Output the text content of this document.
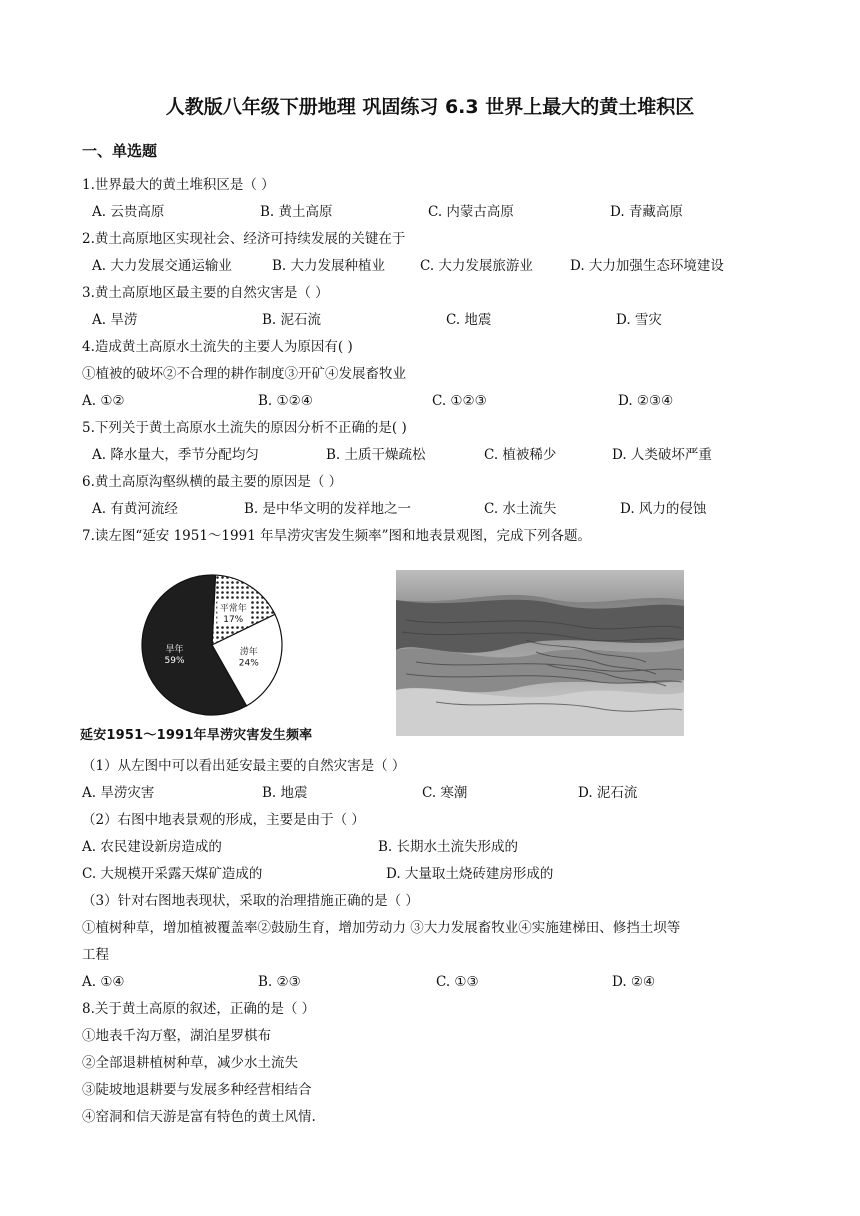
人教版八年级下册地理 巩固练习 6.3 世界上最大的黄土堆积区
一、单选题
1.世界最大的黄土堆积区是（ ）
A. 云贵高原	B. 黄土高原	C. 内蒙古高原	D. 青藏高原
2.黄土高原地区实现社会、经济可持续发展的关键在于
A. 大力发展交通运输业	B. 大力发展种植业	C. 大力发展旅游业	D. 大力加强生态环境建设
3.黄土高原地区最主要的自然灾害是（ ）
A. 旱涝	B. 泥石流	C. 地震	D. 雪灾
4.造成黄土高原水土流失的主要人为原因有( )
①植被的破坏②不合理的耕作制度③开矿④发展畜牧业
A. ①②	B. ①②④	C. ①②③	D. ②③④
5.下列关于黄土高原水土流失的原因分析不正确的是( )
A. 降水量大，季节分配均匀	B. 土质干燥疏松	C. 植被稀少	D. 人类破坏严重
6.黄土高原沟壑纵横的最主要的原因是（ ）
A. 有黄河流经	B. 是中华文明的发祥地之一	C. 水土流失	D. 风力的侵蚀
7.读左图“延安 1951～1991 年旱涝灾害发生频率”图和地表景观图，完成下列各题。
平常年
17%
涝年
24%
旱年
59%
延安1951～1991年旱涝灾害发生频率
（1）从左图中可以看出延安最主要的自然灾害是（ ）
A. 旱涝灾害	B. 地震	C. 寒潮	D. 泥石流
（2）右图中地表景观的形成，主要是由于（ ）
A. 农民建设新房造成的	B. 长期水土流失形成的
C. 大规模开采露天煤矿造成的	D. 大量取土烧砖建房形成的
（3）针对右图地表现状，采取的治理措施正确的是（ ）
①植树种草，增加植被覆盖率②鼓励生育，增加劳动力 ③大力发展畜牧业④实施建梯田、修挡土坝等
工程
A. ①④	B. ②③	C. ①③	D. ②④
8.关于黄土高原的叙述，正确的是（ ）
①地表千沟万壑，湖泊星罗棋布
②全部退耕植树种草，减少水土流失
③陡坡地退耕要与发展多种经营相结合
④窑洞和信天游是富有特色的黄土风情.
